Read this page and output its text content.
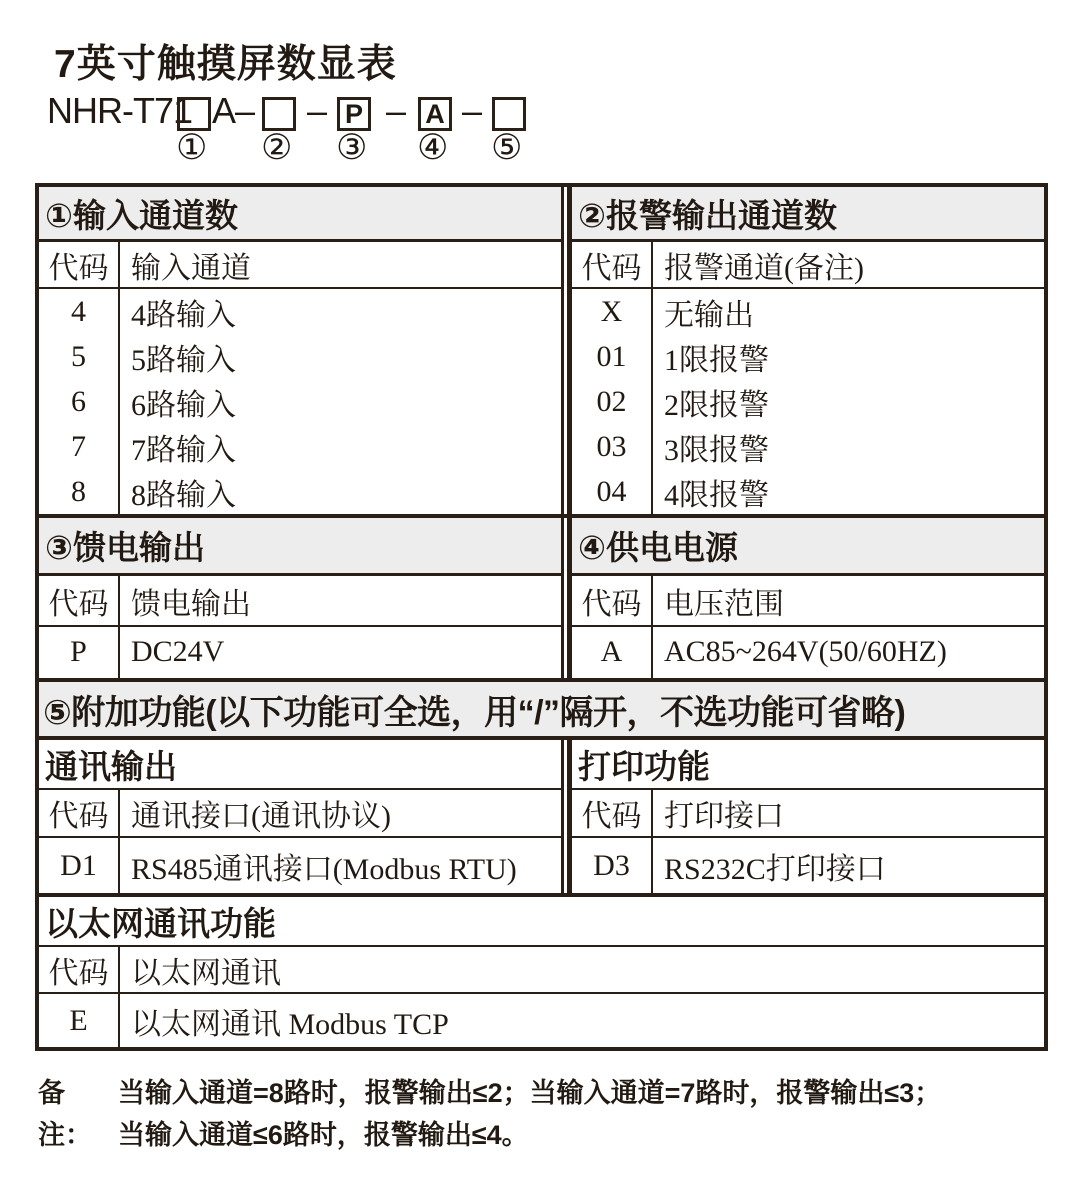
7英寸触摸屏数显表
NHR-T71 A– – P – A –
① ② ③ ④ ⑤
①输入通道数
代码 输入通道
4
5
6
7
8
4路输入
5路输入
6路输入
7路输入
8路输入
②报警输出通道数
代码 报警通道(备注)
X
01
02
03
04
无输出
1限报警
2限报警
3限报警
4限报警
③馈电输出
代码 馈电输出
P DC24V
④供电电源
代码 电压范围
A AC85~264V(50/60HZ)
⑤附加功能(以下功能可全选，用“/”隔开，不选功能可省略)
通讯输出
代码 通讯接口(通讯协议)
D1 RS485通讯接口(Modbus RTU)
打印功能
代码 打印接口
D3 RS232C打印接口
以太网通讯功能
代码 以太网通讯
E 以太网通讯 Modbus TCP
备注：
当输入通道=8路时，报警输出≤2；当输入通道=7路时，报警输出≤3；
当输入通道≤6路时，报警输出≤4。
